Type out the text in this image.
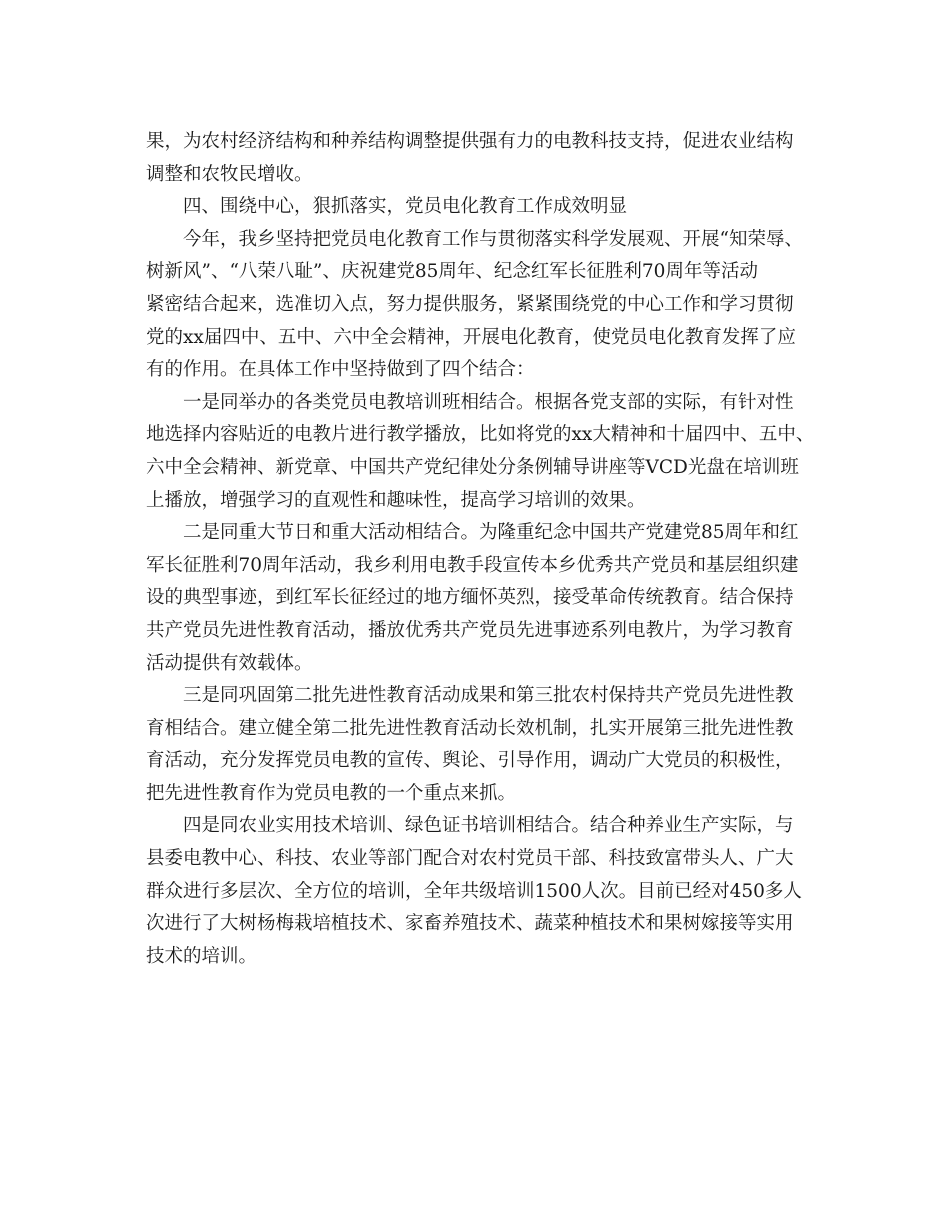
果，为农村经济结构和种养结构调整提供强有力的电教科技支持，促进农业结构
调整和农牧民增收。
四、围绕中心，狠抓落实，党员电化教育工作成效明显
今年，我乡坚持把党员电化教育工作与贯彻落实科学发展观、开展“知荣辱、
树新风”、“八荣八耻”、庆祝建党85周年、纪念红军长征胜利70周年等活动
紧密结合起来，选准切入点，努力提供服务，紧紧围绕党的中心工作和学习贯彻
党的xx届四中、五中、六中全会精神，开展电化教育，使党员电化教育发挥了应
有的作用。在具体工作中坚持做到了四个结合：
一是同举办的各类党员电教培训班相结合。根据各党支部的实际，有针对性
地选择内容贴近的电教片进行教学播放，比如将党的xx大精神和十届四中、五中、
六中全会精神、新党章、中国共产党纪律处分条例辅导讲座等VCD光盘在培训班
上播放，增强学习的直观性和趣味性，提高学习培训的效果。
二是同重大节日和重大活动相结合。为隆重纪念中国共产党建党85周年和红
军长征胜利70周年活动，我乡利用电教手段宣传本乡优秀共产党员和基层组织建
设的典型事迹，到红军长征经过的地方缅怀英烈，接受革命传统教育。结合保持
共产党员先进性教育活动，播放优秀共产党员先进事迹系列电教片，为学习教育
活动提供有效载体。
三是同巩固第二批先进性教育活动成果和第三批农村保持共产党员先进性教
育相结合。建立健全第二批先进性教育活动长效机制，扎实开展第三批先进性教
育活动，充分发挥党员电教的宣传、舆论、引导作用，调动广大党员的积极性，
把先进性教育作为党员电教的一个重点来抓。
四是同农业实用技术培训、绿色证书培训相结合。结合种养业生产实际，与
县委电教中心、科技、农业等部门配合对农村党员干部、科技致富带头人、广大
群众进行多层次、全方位的培训，全年共级培训1500人次。目前已经对450多人
次进行了大树杨梅栽培植技术、家畜养殖技术、蔬菜种植技术和果树嫁接等实用
技术的培训。
